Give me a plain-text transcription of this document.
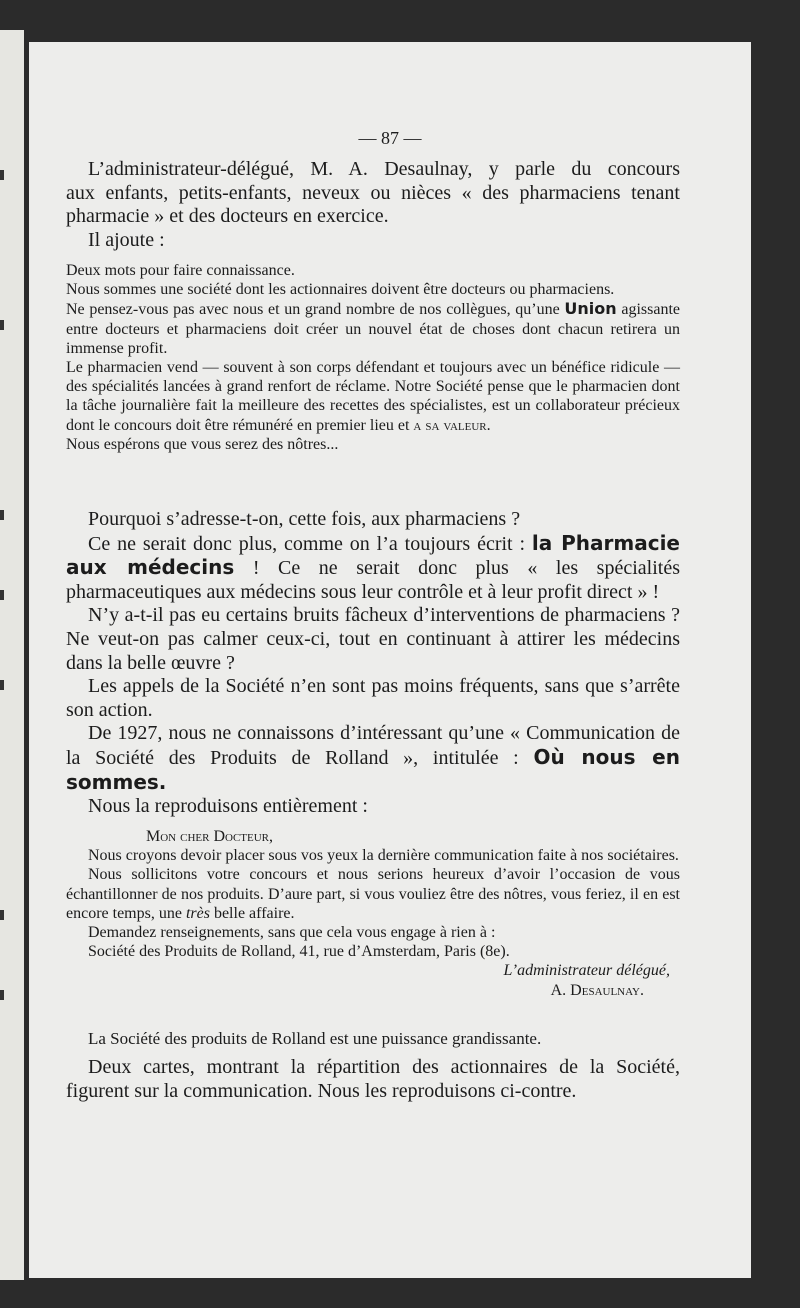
— 87 —
L’administrateur-délégué, M. A. Desaulnay, y parle du concours
aux enfants, petits-enfants, neveux ou nièces « des pharmaciens tenant
pharmacie » et des docteurs en exercice.
Il ajoute :
Deux mots pour faire connaissance.
Nous sommes une société dont les actionnaires doivent être docteurs ou pharmaciens.
Ne pensez-vous pas avec nous et un grand nombre de nos collègues, qu’une Union agissante entre docteurs et pharmaciens doit créer un nouvel état de choses dont chacun retirera un immense profit.
Le pharmacien vend — souvent à son corps défendant et toujours avec un bénéfice ridicule — des spécialités lancées à grand renfort de réclame. Notre Société pense que le pharmacien dont la tâche journalière fait la meilleure des recettes des spécialistes, est un collaborateur précieux dont le concours doit être rémunéré en premier lieu et a sa valeur.
Nous espérons que vous serez des nôtres...
Pourquoi s’adresse-t-on, cette fois, aux pharmaciens ?
Ce ne serait donc plus, comme on l’a toujours écrit : la Pharmacie aux médecins ! Ce ne serait donc plus « les spécialités pharmaceutiques aux médecins sous leur contrôle et à leur profit direct » !
N’y a-t-il pas eu certains bruits fâcheux d’interventions de pharmaciens ? Ne veut-on pas calmer ceux-ci, tout en continuant à attirer les médecins dans la belle œuvre ?
Les appels de la Société n’en sont pas moins fréquents, sans que s’arrête son action.
De 1927, nous ne connaissons d’intéressant qu’une « Communication de la Société des Produits de Rolland », intitulée : Où nous en sommes.
Nous la reproduisons entièrement :
Mon cher Docteur,
Nous croyons devoir placer sous vos yeux la dernière communication faite à nos sociétaires.
Nous sollicitons votre concours et nous serions heureux d’avoir l’occasion de vous échantillonner de nos produits. D’aure part, si vous vouliez être des nôtres, vous feriez, il en est encore temps, une très belle affaire.
Demandez renseignements, sans que cela vous engage à rien à :
Société des Produits de Rolland, 41, rue d’Amsterdam, Paris (8e).
L’administrateur délégué,
A. Desaulnay.
La Société des produits de Rolland est une puissance grandissante.
Deux cartes, montrant la répartition des actionnaires de la Société, figurent sur la communication. Nous les reproduisons ci-contre.
